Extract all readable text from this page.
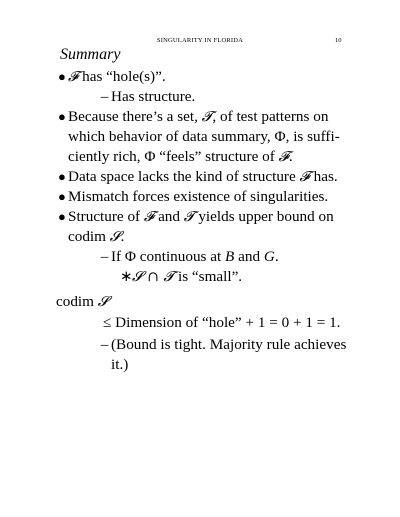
SINGULARITY IN FLORIDA	10
Summary
● 𝓕 has “hole(s)”.
– Has structure.
● Because there’s a set, 𝓣, of test patterns on
which behavior of data summary, Φ, is suffi-
ciently rich, Φ “feels” structure of 𝓕.
● Data space lacks the kind of structure 𝓕 has.
● Mismatch forces existence of singularities.
● Structure of 𝓕 and 𝓣 yields upper bound on
codim 𝓢.
– If Φ continuous at B and G.
∗𝓢 ∩ 𝓣 is “small”.
codim 𝓢
≤ Dimension of “hole” + 1 = 0 + 1 = 1.
– (Bound is tight. Majority rule achieves
it.)
